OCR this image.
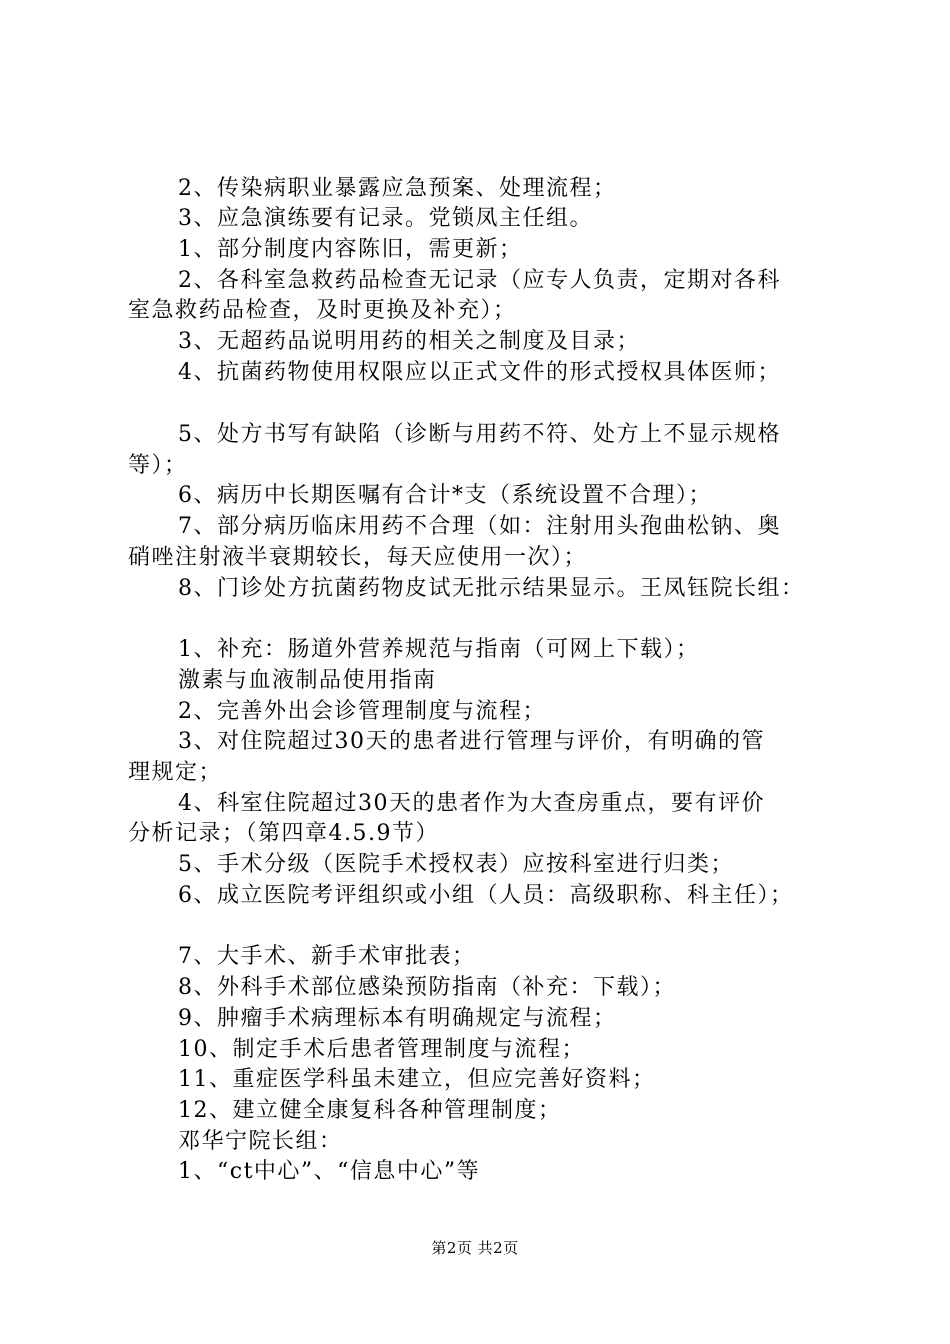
2、传染病职业暴露应急预案、处理流程；
3、应急演练要有记录。党锁凤主任组。
1、部分制度内容陈旧，需更新；
2、各科室急救药品检查无记录（应专人负责，定期对各科
室急救药品检查，及时更换及补充）；
3、无超药品说明用药的相关之制度及目录；
4、抗菌药物使用权限应以正式文件的形式授权具体医师；
5、处方书写有缺陷（诊断与用药不符、处方上不显示规格
等）；
6、病历中长期医嘱有合计*支（系统设置不合理）；
7、部分病历临床用药不合理（如：注射用头孢曲松钠、奥
硝唑注射液半衰期较长，每天应使用一次）；
8、门诊处方抗菌药物皮试无批示结果显示。王凤钰院长组：
1、补充：肠道外营养规范与指南（可网上下载）；
激素与血液制品使用指南
2、完善外出会诊管理制度与流程；
3、对住院超过30天的患者进行管理与评价，有明确的管
理规定；
4、科室住院超过30天的患者作为大查房重点，要有评价
分析记录；（第四章4.5.9节）
5、手术分级（医院手术授权表）应按科室进行归类；
6、成立医院考评组织或小组（人员：高级职称、科主任）；
7、大手术、新手术审批表；
8、外科手术部位感染预防指南（补充：下载）；
9、肿瘤手术病理标本有明确规定与流程；
10、制定手术后患者管理制度与流程；
11、重症医学科虽未建立，但应完善好资料；
12、建立健全康复科各种管理制度；
邓华宁院长组：
1、“ct中心”、“信息中心”等
第2页 共2页
